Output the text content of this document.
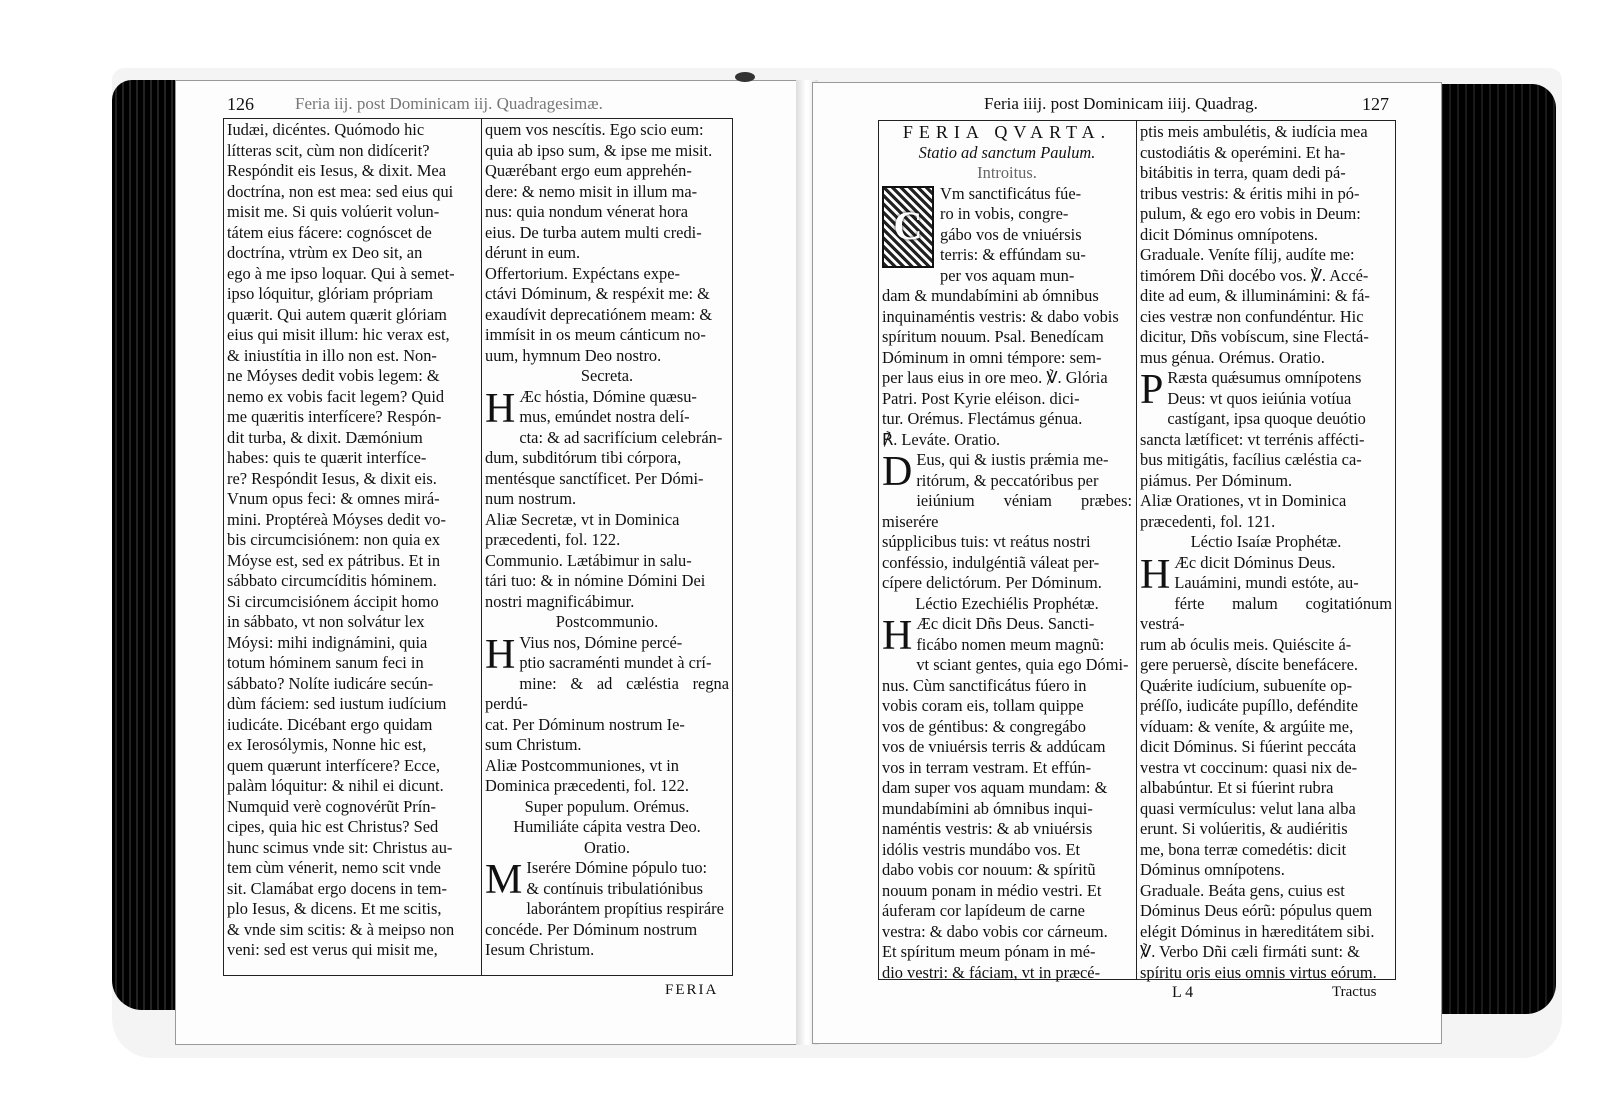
126 Feria iij. post Dominicam iij. Quadragesimæ.

Iudæi, dicéntes. Quómodo hic

lítteras scit, cùm non didícerit?

Respóndit eis Iesus, & dixit. Mea

doctrína, non est mea: sed eius qui

misit me. Si quis volúerit volun-

tátem eius fácere: cognóscet de

doctrína, vtrùm ex Deo sit, an

ego à me ipso loquar. Qui à semet-

ipso lóquitur, glóriam própriam

quærit. Qui autem quærit glóriam

eius qui misit illum: hic verax est,

& iniustítia in illo non est. Non-

ne Móyses dedit vobis legem: &

nemo ex vobis facit legem? Quid

me quæritis interfícere? Respón-

dit turba, & dixit. Dæmónium

habes: quis te quærit interfíce-

re? Respóndit Iesus, & dixit eis.

Vnum opus feci: & omnes mirá-

mini. Proptéreà Móyses dedit vo-

bis circumcisiónem: non quia ex

Móyse est, sed ex pátribus. Et in

sábbato circumcíditis hóminem.

Si circumcisiónem áccipit homo

in sábbato, vt non solvátur lex

Móysi: mihi indignámini, quia

totum hóminem sanum feci in

sábbato? Nolíte iudicáre secún-

dùm fáciem: sed iustum iudícium

iudicáte. Dicébant ergo quidam

ex Ierosólymis, Nonne hic est,

quem quærunt interfícere? Ecce,

palàm lóquitur: & nihil ei dicunt.

Numquid verè cognovérũt Prín-

cipes, quia hic est Christus? Sed

hunc scimus vnde sit: Christus au-

tem cùm vénerit, nemo scit vnde

sit. Clamábat ergo docens in tem-

plo Iesus, & dicens. Et me scitis,

& vnde sim scitis: & à meipso non

veni: sed est verus qui misit me,

quem vos nescítis. Ego scio eum:

quia ab ipso sum, & ipse me misit.

Quærébant ergo eum apprehén-

dere: & nemo misit in illum ma-

nus: quia nondum vénerat hora

eius. De turba autem multi credi-

dérunt in eum.

Offertorium. Expéctans expe-

ctávi Dóminum, & respéxit me: &

exaudívit deprecatiónem meam: &

immísit in os meum cánticum no-

uum, hymnum Deo nostro.

Secreta.

H Æc hóstia, Dómine quæsu-

mus, emúndet nostra delí-

cta: & ad sacrifícium celebrán-

dum, subditórum tibi córpora,

mentésque sanctíficet. Per Dómi-

num nostrum.

Aliæ Secretæ, vt in Dominica

præcedenti, fol. 122.

Communio. Lætábimur in salu-

tári tuo: & in nómine Dómini Dei

nostri magnificábimur.

Postcommunio.

H Vius nos, Dómine percé-

ptio sacraménti mundet à crí-

mine: & ad cæléstia regna perdú-

cat. Per Dóminum nostrum Ie-

sum Christum.

Aliæ Postcommuniones, vt in

Dominica præcedenti, fol. 122.

Super populum. Orémus.

Humiliáte cápita vestra Deo.

Oratio.

M Iserére Dómine pópulo tuo:

& contínuis tribulatiónibus

laborántem propítius respiráre

concéde. Per Dóminum nostrum

Iesum Christum.

FERIA
Feria iiij. post Dominicam iiij. Quadrag.	127

FERIA QVARTA.

Statio ad sanctum Paulum.

Introitus.

C

Vm sanctificátus fúe-

ro in vobis, congre-

gábo vos de vniuérsis

terris: & effúndam su-

per vos aquam mun-

dam & mundabímini ab ómnibus

inquinaméntis vestris: & dabo vobis

spíritum nouum. Psal. Benedícam

Dóminum in omni témpore: sem-

per laus eius in ore meo. ℣. Glória

Patri. Post Kyrie eléison. dici-

tur. Orémus. Flectámus génua.

℟. Leváte. Oratio.

D Eus, qui & iustis prǽmia me-

ritórum, & peccatóribus per

ieiúnium véniam præbes: miserére

súpplicibus tuis: vt reátus nostri

conféssio, indulgéntiã váleat per-

cípere delictórum. Per Dóminum.

Léctio Ezechiélis Prophétæ.

H Æc dicit Dñs Deus. Sancti-

ficábo nomen meum magnũ:

vt sciant gentes, quia ego Dómi-

nus. Cùm sanctificátus fúero in

vobis coram eis, tollam quippe

vos de géntibus: & congregábo

vos de vniuérsis terris & addúcam

vos in terram vestram. Et effún-

dam super vos aquam mundam: &

mundabímini ab ómnibus inqui-

naméntis vestris: & ab vniuérsis

idólis vestris mundábo vos. Et

dabo vobis cor nouum: & spíritũ

nouum ponam in médio vestri. Et

áuferam cor lapídeum de carne

vestra: & dabo vobis cor cárneum.

Et spíritum meum pónam in mé-

dio vestri: & fáciam, vt in præcé-

ptis meis ambulétis, & iudícia mea

custodiátis & operémini. Et ha-

bitábitis in terra, quam dedi pá-

tribus vestris: & éritis mihi in pó-

pulum, & ego ero vobis in Deum:

dicit Dóminus omnípotens.

Graduale. Veníte fílij, audíte me:

timórem Dñi docébo vos. ℣. Accé-

dite ad eum, & illuminámini: & fá-

cies vestræ non confundéntur. Hic

dicitur, Dñs vobíscum, sine Flectá-

mus génua. Orémus. Oratio.

P Ræsta quǽsumus omnípotens

Deus: vt quos ieiúnia votíua

castígant, ipsa quoque deuótio

sancta lætíficet: vt terrénis affécti-

bus mitigátis, facílius cæléstia ca-

piámus. Per Dóminum.

Aliæ Orationes, vt in Dominica

præcedenti, fol. 121.

Léctio Isaíæ Prophétæ.

H Æc dicit Dóminus Deus.

Lauámini, mundi estóte, au-

férte malum cogitatiónum vestrá-

rum ab óculis meis. Quiéscite á-

gere peruersè, díscite benefácere.

Quǽrite iudícium, subueníte op-

préſſo, iudicáte pupíllo, deféndite

víduam: & veníte, & argúite me,

dicit Dóminus. Si fúerint peccáta

vestra vt coccinum: quasi nix de-

albabúntur. Et si fúerint rubra

quasi vermículus: velut lana alba

erunt. Si volúeritis, & audiéritis

me, bona terræ comedétis: dicit

Dóminus omnípotens.

Graduale. Beáta gens, cuius est

Dóminus Deus eórũ: pópulus quem

elégit Dóminus in hæreditátem sibi.

℣. Verbo Dñi cæli firmáti sunt: &

spíritu oris eius omnis virtus eórum.

L 4	Tractus
